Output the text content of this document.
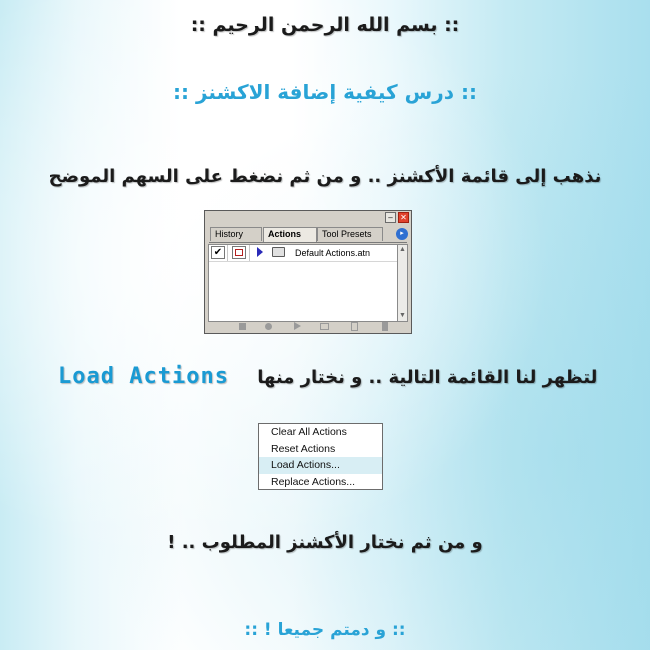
:: بسم الله الرحمن الرحيم ::
:: درس كيفية إضافة الاكشنز ::
نذهب إلى قائمة الأكشنز .. و من ثم نضغط على السهم الموضح
– ✕
History	Actions	Tool Presets	▸
✔	Default Actions.atn	▲
▼
Load Actions لتظهر لنا القائمة التالية .. و نختار منها
Clear All Actions
Reset Actions
Load Actions...
Replace Actions...
و من ثم نختار الأكشنز المطلوب .. !
:: و دمتم جميعا ! ::
